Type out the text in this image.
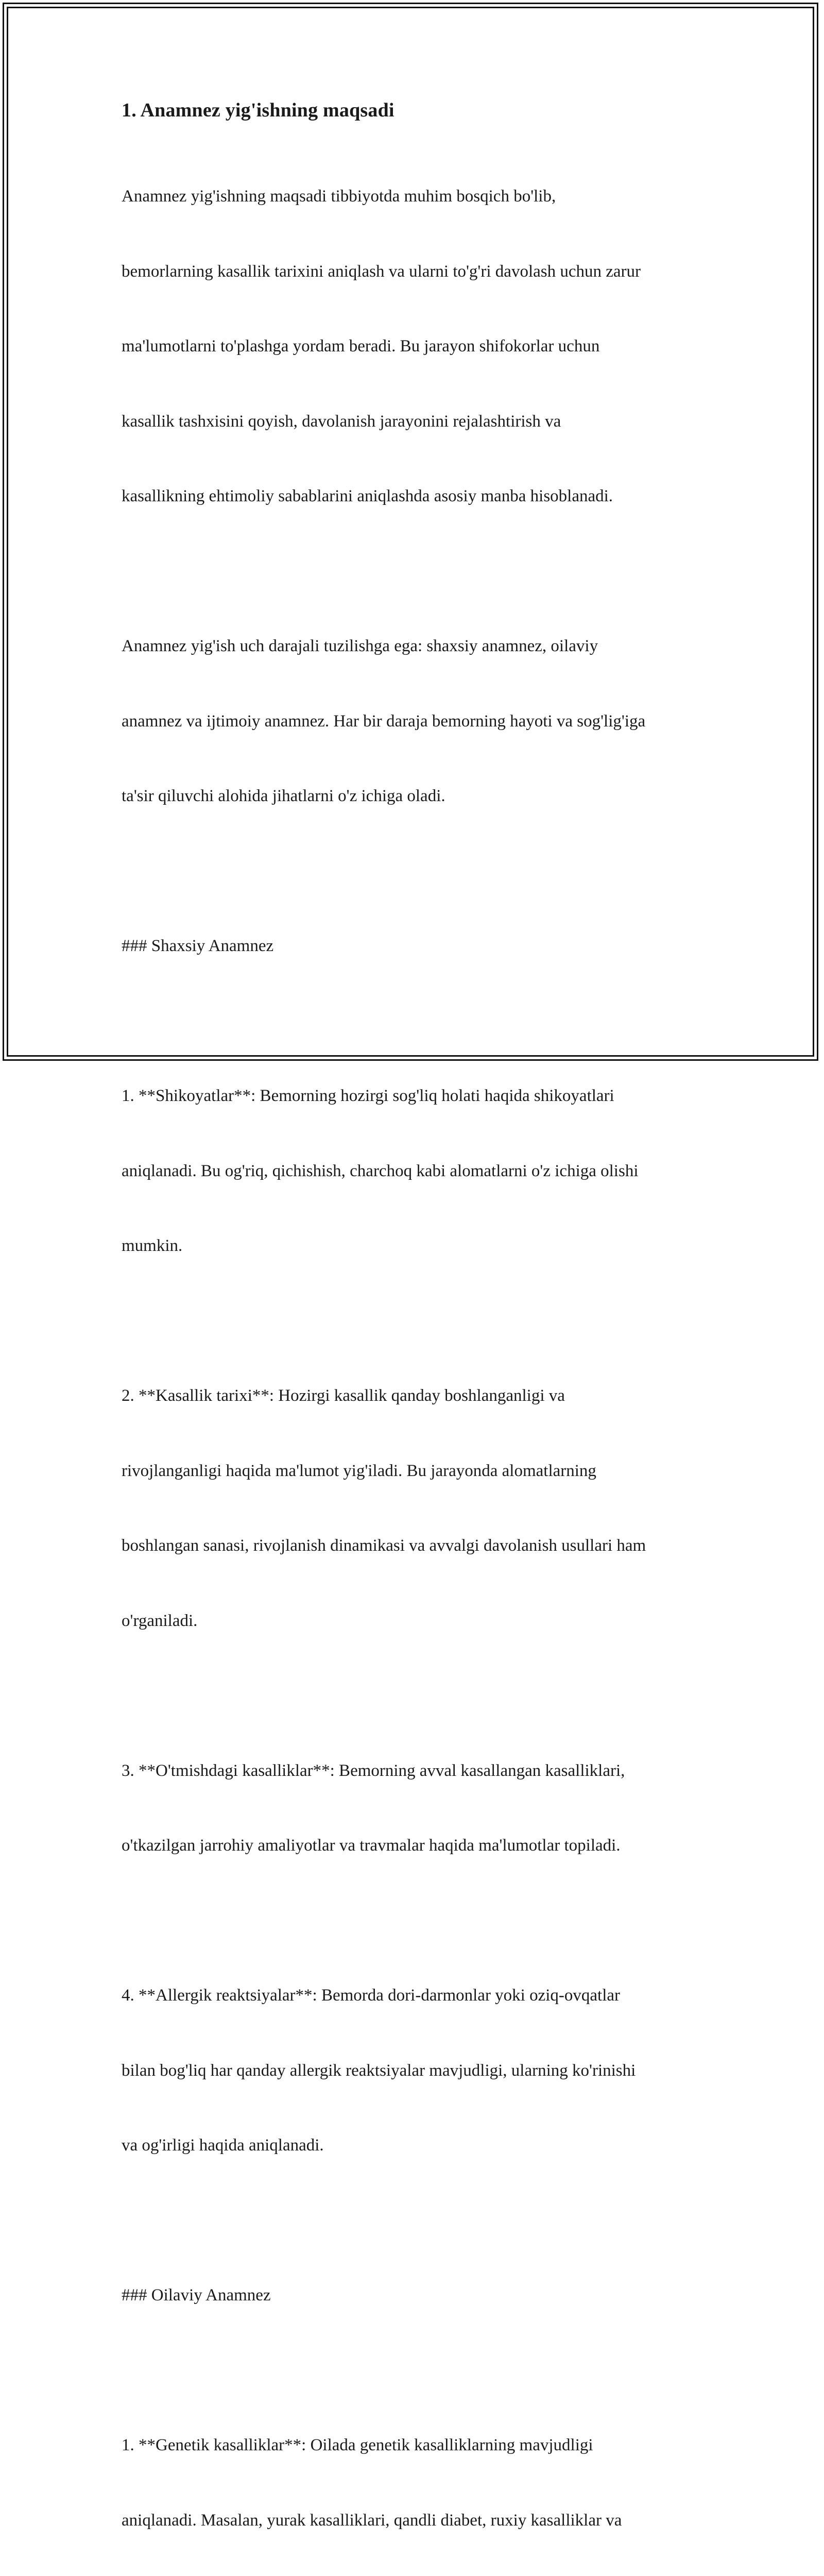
1. Anamnez yig'ishning maqsadi

Anamnez yig'ishning maqsadi tibbiyotda muhim bosqich bo'lib,

bemorlarning kasallik tarixini aniqlash va ularni to'g'ri davolash uchun zarur

ma'lumotlarni to'plashga yordam beradi. Bu jarayon shifokorlar uchun

kasallik tashxisini qoyish, davolanish jarayonini rejalashtirish va

kasallikning ehtimoliy sabablarini aniqlashda asosiy manba hisoblanadi.

Anamnez yig'ish uch darajali tuzilishga ega: shaxsiy anamnez, oilaviy

anamnez va ijtimoiy anamnez. Har bir daraja bemorning hayoti va sog'lig'iga

ta'sir qiluvchi alohida jihatlarni o'z ichiga oladi.

### Shaxsiy Anamnez

1. **Shikoyatlar**: Bemorning hozirgi sog'liq holati haqida shikoyatlari

aniqlanadi. Bu og'riq, qichishish, charchoq kabi alomatlarni o'z ichiga olishi

mumkin.

2. **Kasallik tarixi**: Hozirgi kasallik qanday boshlanganligi va

rivojlanganligi haqida ma'lumot yig'iladi. Bu jarayonda alomatlarning

boshlangan sanasi, rivojlanish dinamikasi va avvalgi davolanish usullari ham

o'rganiladi.

3. **O'tmishdagi kasalliklar**: Bemorning avval kasallangan kasalliklari,

o'tkazilgan jarrohiy amaliyotlar va travmalar haqida ma'lumotlar topiladi.

4. **Allergik reaktsiyalar**: Bemorda dori-darmonlar yoki oziq-ovqatlar

bilan bog'liq har qanday allergik reaktsiyalar mavjudligi, ularning ko'rinishi

va og'irligi haqida aniqlanadi.

### Oilaviy Anamnez

1. **Genetik kasalliklar**: Oilada genetik kasalliklarning mavjudligi

aniqlanadi. Masalan, yurak kasalliklari, qandli diabet, ruxiy kasalliklar va
